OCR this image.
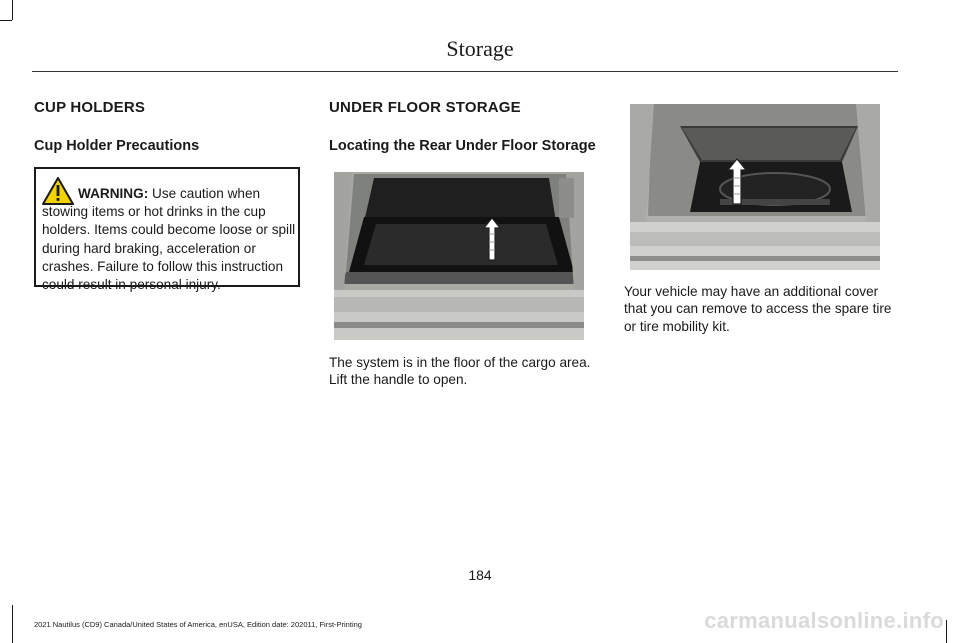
Storage
CUP HOLDERS
Cup Holder Precautions

WARNING: Use caution when stowing items or hot drinks in the cup holders. Items could become loose or spill during hard braking, acceleration or crashes. Failure to follow this instruction could result in personal injury.

UNDER FLOOR STORAGE
Locating the Rear Under Floor Storage

The system is in the floor of the cargo area. Lift the handle to open.

Your vehicle may have an additional cover that you can remove to access the spare tire or tire mobility kit.

184
2021 Nautilus (CD9) Canada/United States of America, enUSA, Edition date: 202011, First-Printing	carmanualsonline.info
